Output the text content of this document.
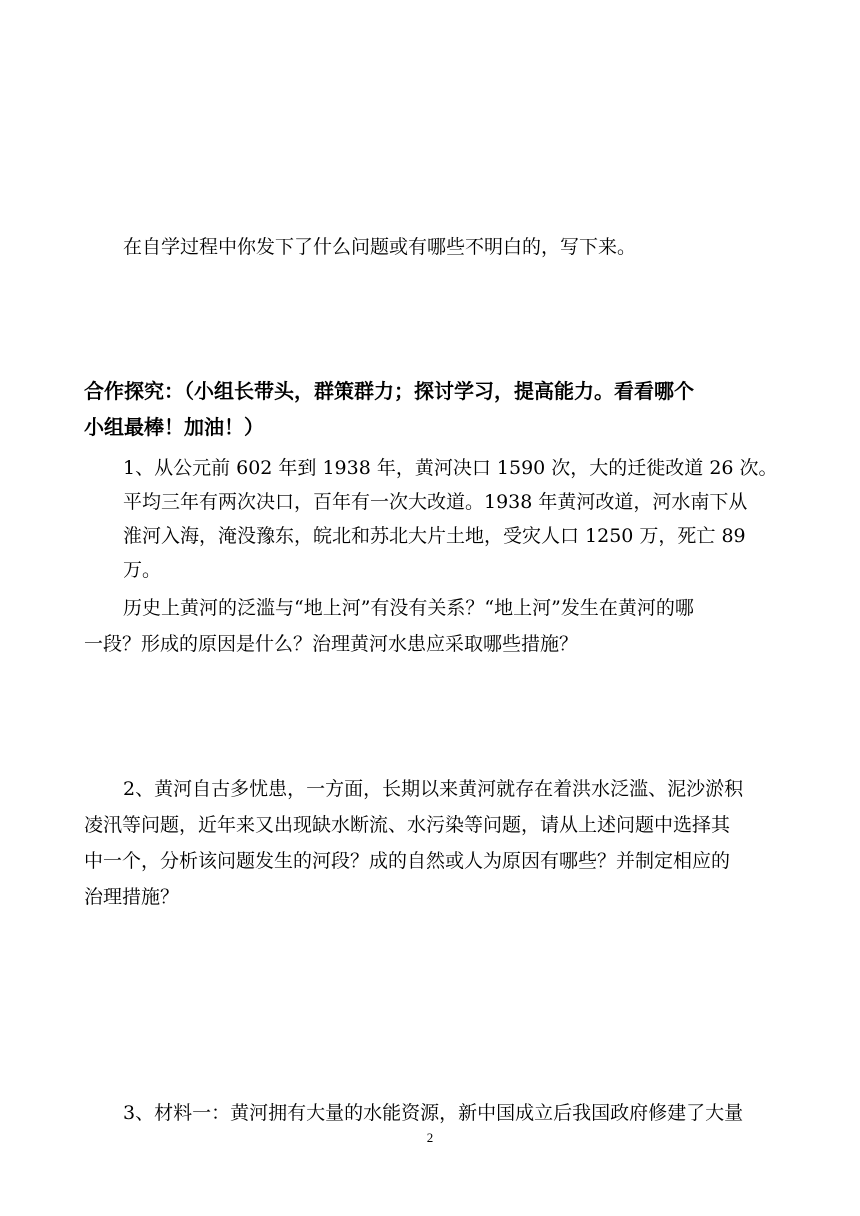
在自学过程中你发下了什么问题或有哪些不明白的，写下来。
合作探究：（小组长带头，群策群力；探讨学习，提高能力。看看哪个
小组最棒！加油！）
1、从公元前 602 年到 1938 年，黄河决口 1590 次，大的迁徙改道 26 次。
平均三年有两次决口，百年有一次大改道。1938 年黄河改道，河水南下从
淮河入海，淹没豫东，皖北和苏北大片土地，受灾人口 1250 万，死亡 89
万。
历史上黄河的泛滥与“地上河”有没有关系？“地上河”发生在黄河的哪
一段？形成的原因是什么？治理黄河水患应采取哪些措施？
2、黄河自古多忧患，一方面，长期以来黄河就存在着洪水泛滥、泥沙淤积
凌汛等问题，近年来又出现缺水断流、水污染等问题，请从上述问题中选择其
中一个，分析该问题发生的河段？成的自然或人为原因有哪些？并制定相应的
治理措施？
3、材料一：黄河拥有大量的水能资源，新中国成立后我国政府修建了大量
2
